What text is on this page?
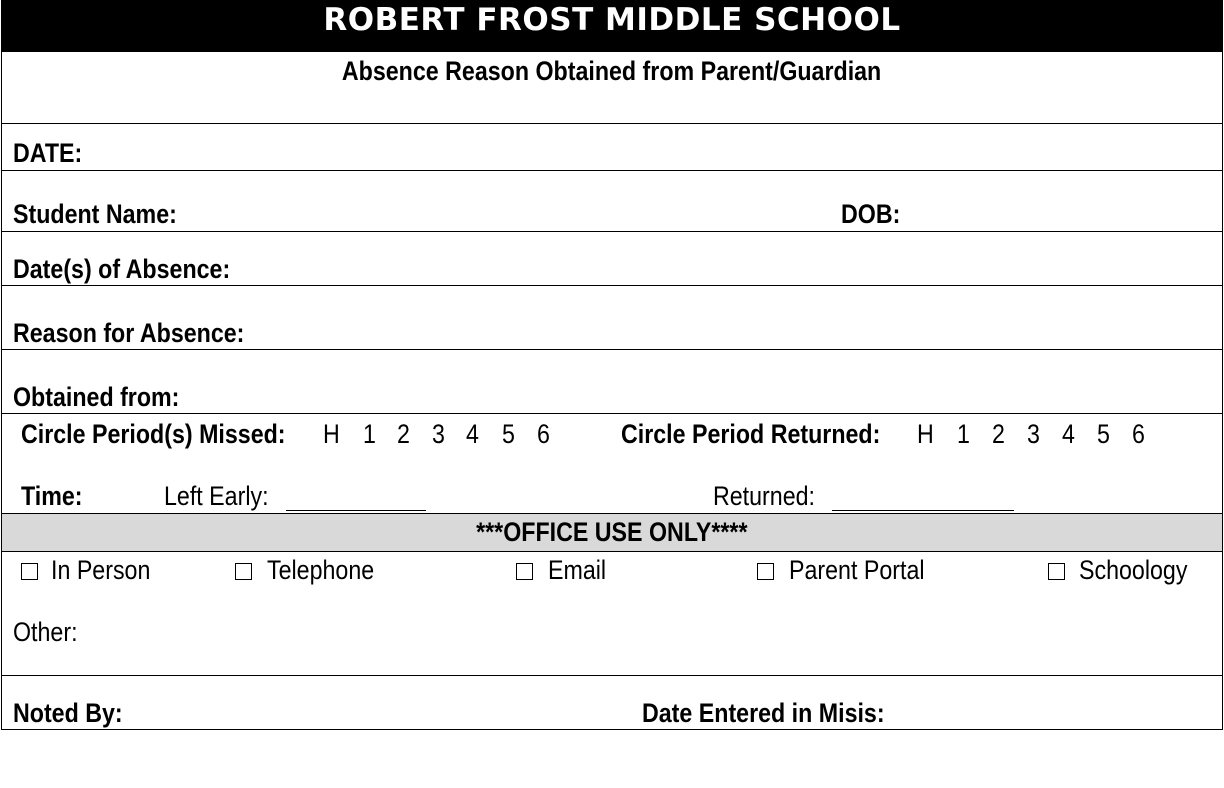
ROBERT FROST MIDDLE SCHOOL
Absence Reason Obtained from Parent/Guardian
DATE:
Student Name:	DOB:
Date(s) of Absence:
Reason for Absence:
Obtained from:
Circle Period(s) Missed: H 1 2 3 4 5 6	Circle Period Returned: H 1 2 3 4 5 6
Time:	Left Early:	Returned:
***OFFICE USE ONLY****
In Person	Telephone	Email	Parent Portal	Schoology
Other:
Noted By:	Date Entered in Misis:
